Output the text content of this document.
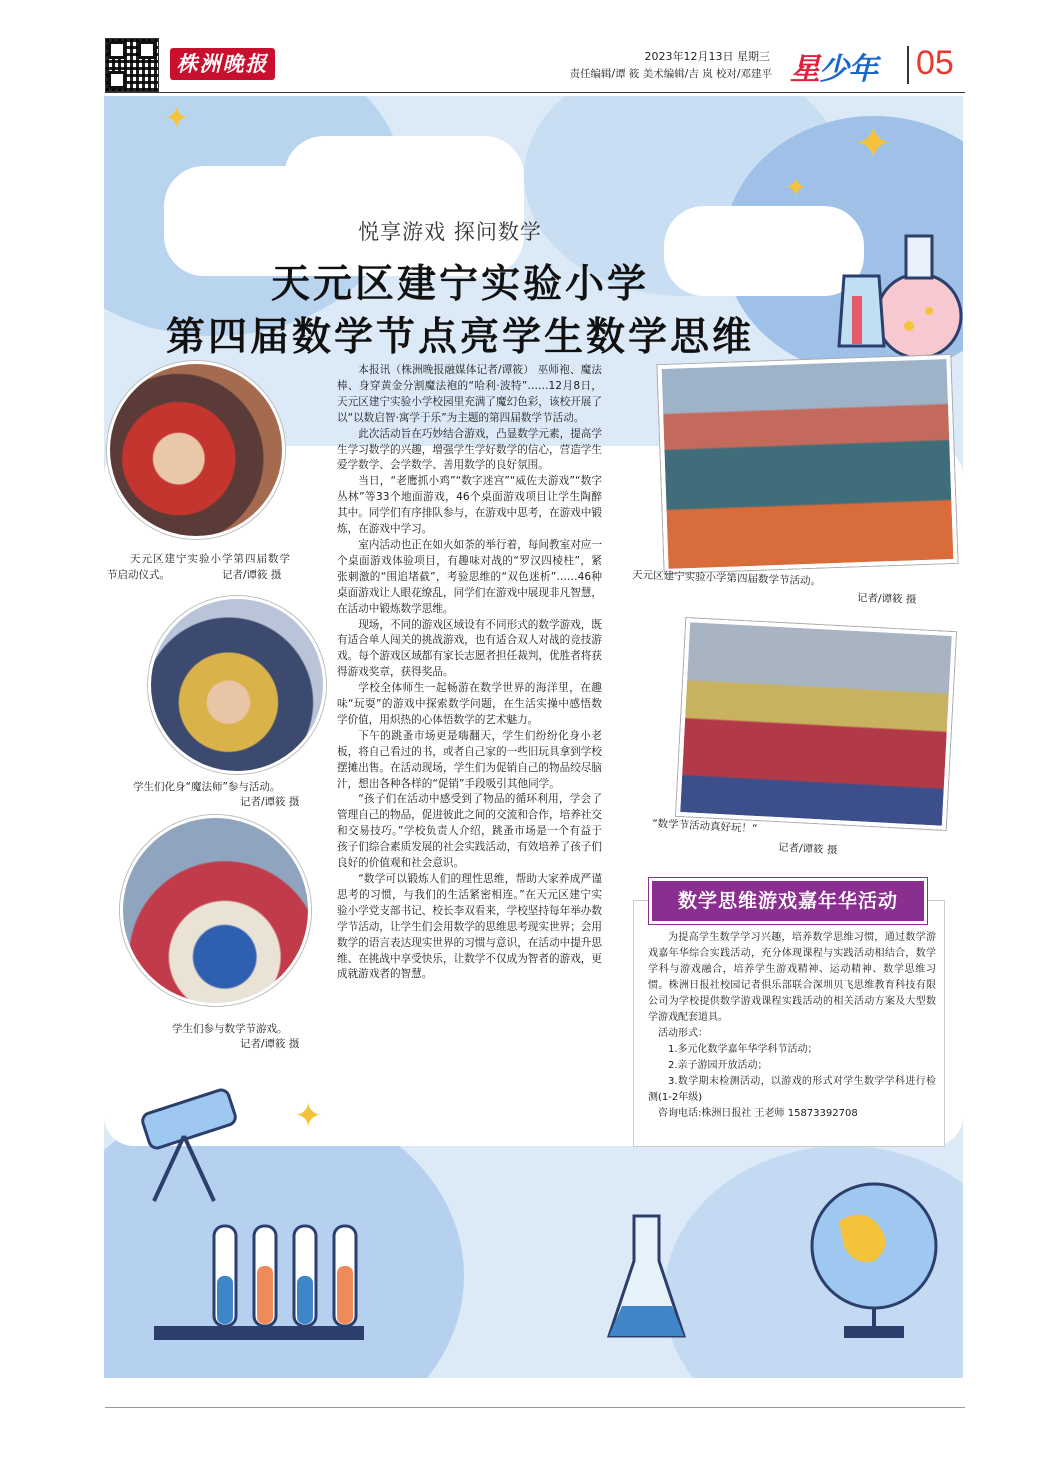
株洲晚报	2023年12月13日 星期三
责任编辑/谭 筱 美术编辑/吉 岚 校对/邓建平 星少年	05
✦
✦
✦
✦
悦享游戏 探问数学
天元区建宁实验小学
第四届数学节点亮学生数学思维
天元区建宁实验小学第四届数学
节启动仪式。	记者/谭筱 摄
学生们化身“魔法师”参与活动。
记者/谭筱 摄
学生们参与数学节游戏。
记者/谭筱 摄

本报讯（株洲晚报融媒体记者/谭筱） 巫师袍、魔法棒、身穿黄金分割魔法袍的“哈利·波特”……12月8日，天元区建宁实验小学校园里充满了魔幻色彩，该校开展了以“以数启智·寓学于乐”为主题的第四届数学节活动。

此次活动旨在巧妙结合游戏，凸显数学元素，提高学生学习数学的兴趣，增强学生学好数学的信心，营造学生爱学数学、会学数学、善用数学的良好氛围。

当日，“老鹰抓小鸡”“数字迷宫”“威佐夫游戏”“数字丛林”等33个地面游戏，46个桌面游戏项目让学生陶醉其中。同学们有序排队参与，在游戏中思考，在游戏中锻炼，在游戏中学习。

室内活动也正在如火如荼的举行着，每间教室对应一个桌面游戏体验项目，有趣味对战的“罗汉四棱柱”，紧张刺激的“围追堵截”，考验思维的“双色迷析”……46种桌面游戏让人眼花缭乱，同学们在游戏中展现非凡智慧，在活动中锻炼数学思维。

现场，不同的游戏区域设有不同形式的数学游戏，既有适合单人闯关的挑战游戏，也有适合双人对战的竞技游戏。每个游戏区域都有家长志愿者担任裁判，优胜者将获得游戏奖章，获得奖品。

学校全体师生一起畅游在数学世界的海洋里，在趣味“玩耍”的游戏中探索数学问题，在生活实操中感悟数学价值，用炽热的心体悟数学的艺术魅力。

下午的跳蚤市场更是嗨翻天，学生们纷纷化身小老板，将自己看过的书，或者自己家的一些旧玩具拿到学校摆摊出售。在活动现场，学生们为促销自己的物品绞尽脑汁，想出各种各样的“促销”手段吸引其他同学。

“孩子们在活动中感受到了物品的循环利用，学会了管理自己的物品，促进彼此之间的交流和合作，培养社交和交易技巧。”学校负责人介绍，跳蚤市场是一个有益于孩子们综合素质发展的社会实践活动，有效培养了孩子们良好的价值观和社会意识。

“数学可以锻炼人们的理性思维，帮助大家养成严谨思考的习惯，与我们的生活紧密相连。”在天元区建宁实验小学党支部书记、校长李双看来，学校坚持每年举办数学节活动，让学生们会用数学的思维思考现实世界；会用数学的语言表达现实世界的习惯与意识，在活动中提升思维、在挑战中享受快乐，让数学不仅成为智者的游戏，更成就游戏者的智慧。

天元区建宁实验小学第四届数学节活动。
记者/谭筱 摄
“数学节活动真好玩！”
记者/谭筱 摄
数学思维游戏嘉年华活动

为提高学生数学学习兴趣，培养数学思维习惯，通过数学游戏嘉年华综合实践活动，充分体现课程与实践活动相结合，数学学科与游戏融合，培养学生游戏精神、运动精神、数学思维习惯。株洲日报社校园记者俱乐部联合深圳贝飞思维教育科技有限公司为学校提供数学游戏课程实践活动的相关活动方案及大型数学游戏配套道具。

活动形式：

1.多元化数学嘉年华学科节活动；

2.亲子游园开放活动；

3.数学期末检测活动，以游戏的形式对学生数学学科进行检测(1-2年级)

咨询电话:株洲日报社 王老师 15873392708
